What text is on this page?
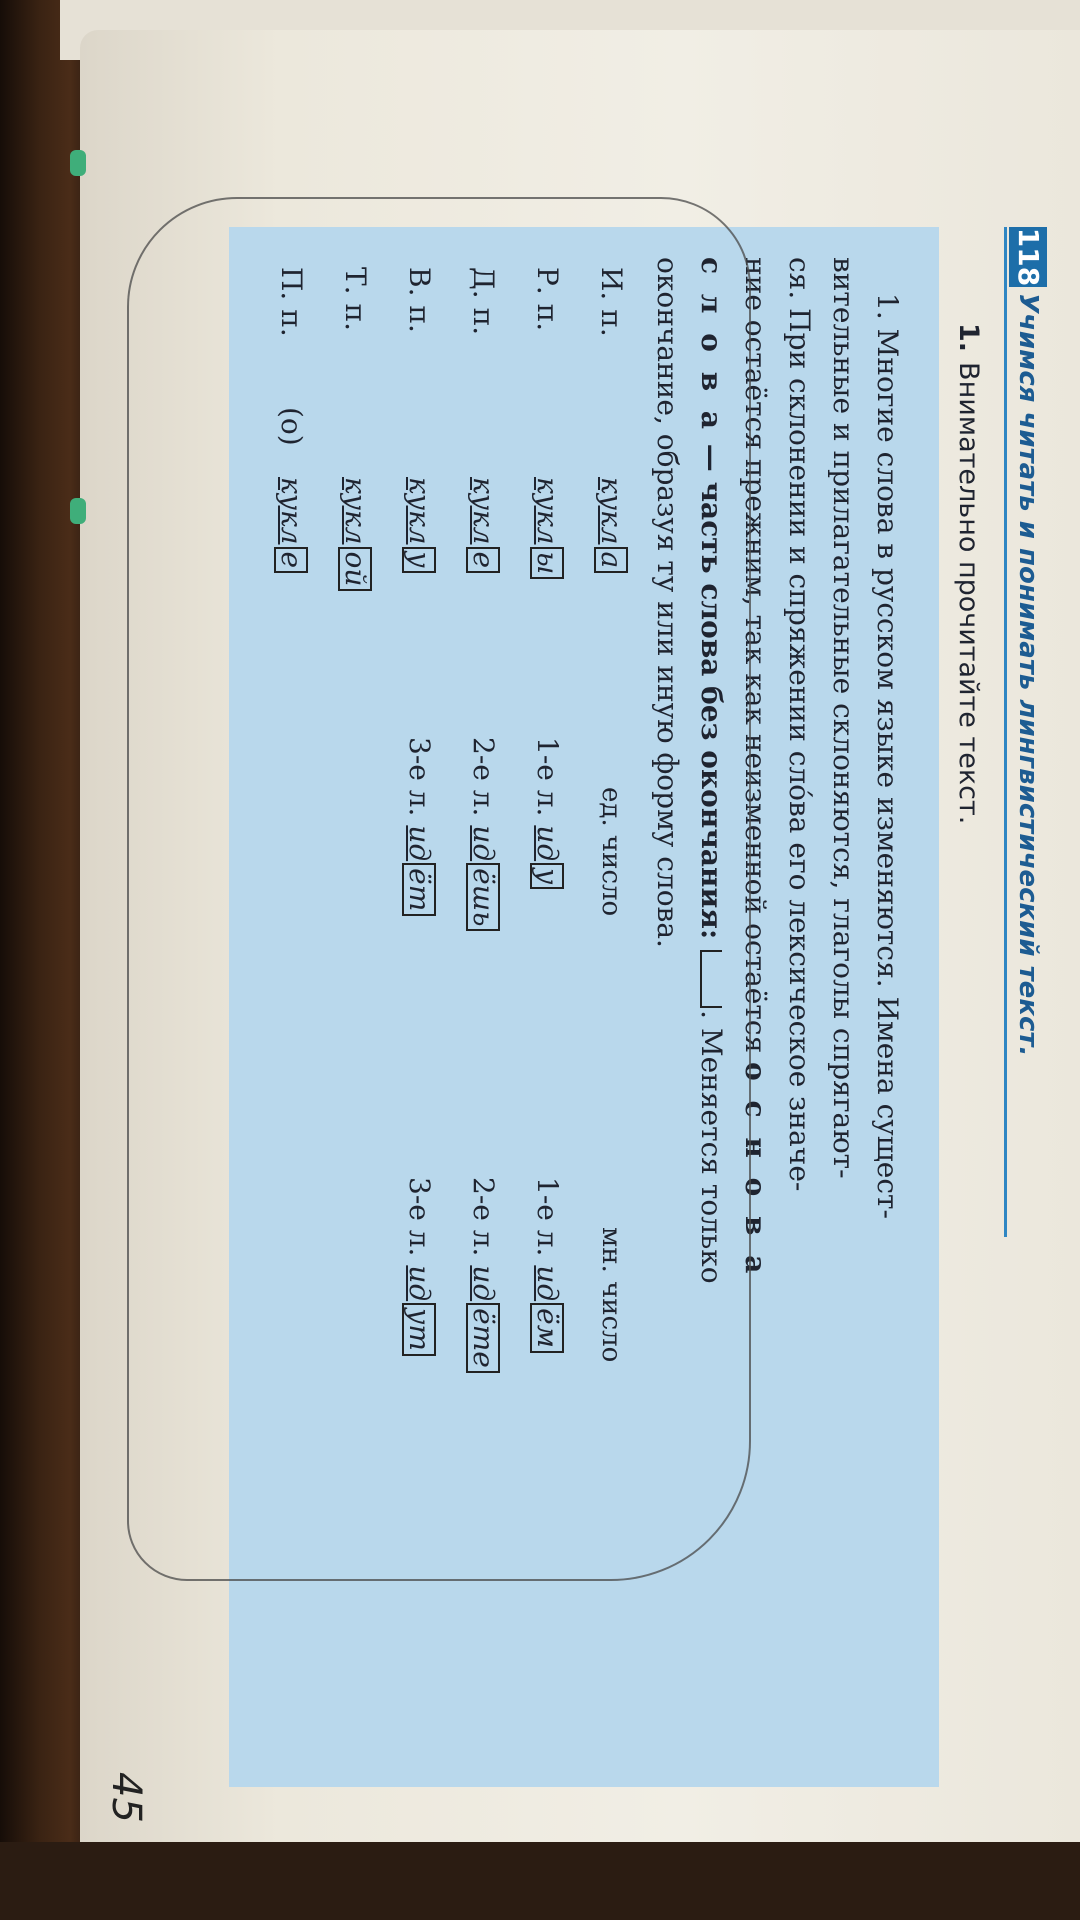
118
Учимся читать и понимать лингвистический текст.
1.Внимательно прочитайте текст.
1. Многие слова в русском языке изменяются. Имена сущест-
вительные и прилагательные склоняются, глаголы спрягают-
ся. При склонении и спряжении сло́ва его лексическое значе-
ние остаётся прежним, так как неизменной остаётся о с н о в а
с л о в а — часть слова без окончания: . Меняется только
окончание, образуя ту или иную форму слова.
И. п.
кукла
Р. п.
куклы
Д. п.
кукле
В. п.
куклу
Т. п.
куклой
П. п.
(о)
кукле
ед. число
мн. число
1-е л. иду
2-е л. идёшь
3-е л. идёт
1-е л. идём
2-е л. идёте
3-е л. идут
45
